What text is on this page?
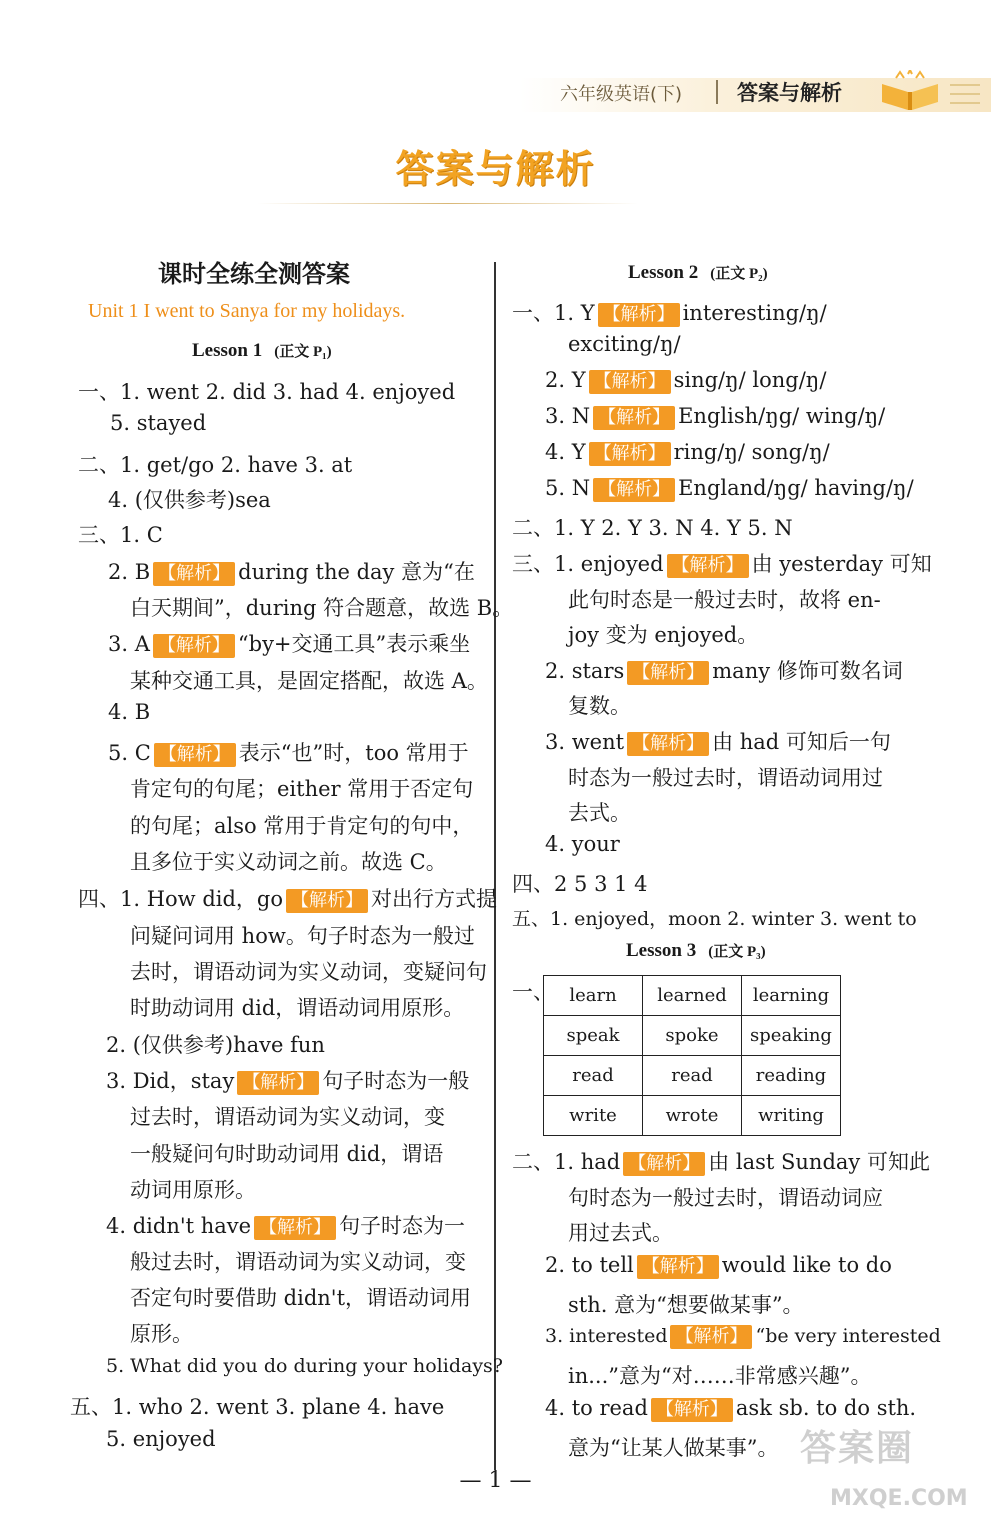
六年级英语(下)	答案与解析
答案与解析
课时全练全测答案
Unit 1 I went to Sanya for my holidays.
Lesson 1 (正文 P₁)
一、1. went 2. did 3. had 4. enjoyed
5. stayed
二、1. get/go 2. have 3. at
4. (仅供参考)sea
三、1. C
2. B 【解析】 during the day 意为“在
白天期间”，during 符合题意，故选 B。
3. A 【解析】 “by+交通工具”表示乘坐
某种交通工具，是固定搭配，故选 A。
4. B
5. C 【解析】 表示“也”时，too 常用于
肯定句的句尾；either 常用于否定句
的句尾；also 常用于肯定句的句中，
且多位于实义动词之前。故选 C。
四、1. How did，go 【解析】 对出行方式提
问疑问词用 how。句子时态为一般过
去时，谓语动词为实义动词，变疑问句
时助动词用 did，谓语动词用原形。
2. (仅供参考)have fun
3. Did，stay 【解析】 句子时态为一般
过去时，谓语动词为实义动词，变
一般疑问句时助动词用 did，谓语
动词用原形。
4. didn't have 【解析】 句子时态为一
般过去时，谓语动词为实义动词，变
否定句时要借助 didn't，谓语动词用
原形。
5. What did you do during your holidays?
五、1. who 2. went 3. plane 4. have
5. enjoyed
Lesson 2 (正文 P₂)
一、1. Y 【解析】 interesting/ŋ/
exciting/ŋ/
2. Y 【解析】 sing/ŋ/ long/ŋ/
3. N 【解析】 English/ŋg/ wing/ŋ/
4. Y 【解析】 ring/ŋ/ song/ŋ/
5. N 【解析】 England/ŋg/ having/ŋ/
二、1. Y 2. Y 3. N 4. Y 5. N
三、1. enjoyed 【解析】 由 yesterday 可知
此句时态是一般过去时，故将 en-
joy 变为 enjoyed。
2. stars 【解析】 many 修饰可数名词
复数。
3. went 【解析】 由 had 可知后一句
时态为一般过去时，谓语动词用过
去式。
4. your
四、2 5 3 1 4
五、1. enjoyed，moon 2. winter 3. went to
Lesson 3 (正文 P₃)
一、 learn	learned	learning
speak	spoke	speaking
read	read	reading
write	wrote	writing
二、1. had 【解析】 由 last Sunday 可知此
句时态为一般过去时，谓语动词应
用过去式。
2. to tell 【解析】 would like to do
sth. 意为“想要做某事”。
3. interested 【解析】 “be very interested
in...”意为“对……非常感兴趣”。
4. to read 【解析】 ask sb. to do sth.
意为“让某人做某事”。
— 1 —
答案圈
MXQE.COM
